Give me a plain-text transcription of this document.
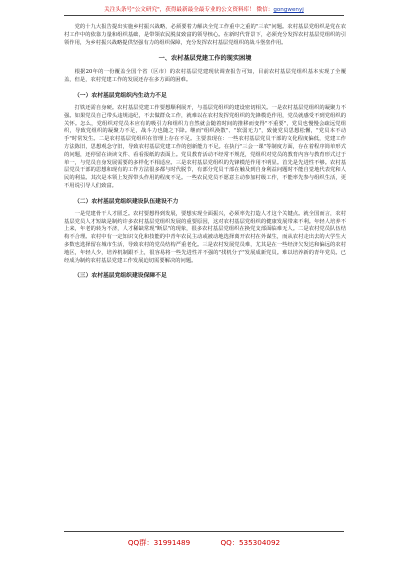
关注头条号"公文研究"，获得最新最全最专业的公文资料库！ 微信：gongwenyj

党的十九大报告提出实施乡村振兴战略，必须要着力解决全党工作重中之重的"三农"问题。农村基层党组织是党在农村工作中的依靠力量和组织基础，是带领农民脱贫致富的领导核心。在新时代背景下，必须充分发挥农村基层党组织的引领作用，为乡村振兴战略提供坚强有力的组织保障，充分发挥农村基层党组织的战斗堡垒作用。

一、农村基层党建工作的现实困境

根据20年的一份覆盖全国个省（区市）的农村基层党建现状调查报告可知，目前农村基层党组织基本实现了全覆盖，但是，农村党建工作的发展还存在多方面的困难。

（一）农村基层党组织内生动力不足

打铁还需自身硬。农村基层党建工作要想顺利展开，与基层党组织的建设密切相关。一是农村基层党组织的凝聚力不强。如果党员自己带头违规违纪，不去做群众工作，就难以在农村发挥党组织的先锋模范作用，党员就感受不到党组织的关怀。怎么，党组织对党员本应有的吸引力和组织力自然就会随着时间的推移而变得"不重要"，党员也慢慢会疏远党组织，导致党组织的凝聚力不足，战斗力也随之下降。继而"组织涣散"、"软弱无力"，致使党员思想松懈，"党员本不动手"时常发生。二是农村基层党组织在管理上存在不足。主要表现在：一些农村基层党员干部的文化程度偏低，党建工作方法陈旧，思想观念守旧，导致农村基层党建工作的创新能力不足。在执行"三会一课"等制度方面，存在着程序简单形式的问题，还停留在读读文件、看看报纸的表面上。党员教育活动不经常不规范，党组织对党员的教育内容与教育形式过于单一，与党员自身发展需要的多样化不相适应。三是农村基层党组织的先锋模范作用不明显。首先是先进性不够。农村基层党员干部的思想和现有的工作方法很多都与时代脱节，有部分党员干部在触及到自身利益问题时不能自觉地代表党和人民的利益。其次是本领上发挥带头作用的程度不足。一些农民党员不愿意主动参加村级工作，不能率先参与组织生活，更不用说引导人们致富。

（二）农村基层党组织建设队伍建设不力

一是党建骨干人才匮乏。农村要想得到发展，要想实现全面振兴，必须率先打造人才这个关键点。就全国而言，农村基层党员人才短缺是制约许多农村基层党组织发展的重要原因，这对农村基层党组织的健康发展带来不利。年轻人培养不上来，年老的转为不济，人才稀缺常现"断层"的现象，很多农村基层党组织在换党支部面临难无人。二是农村党员队伍结构不合理。农村中有一定知识文化和技能的中青年农民主动或被动地选择离开农村在外谋生，而从农村走出去的大学生大多数也选择留在城市生活，导致农村的党员结构严重老化。三是农村发展党员难，尤其是在一些经济欠发达和偏远的农村地区，年轻人少，培养机制跟不上，很容易将一些先进性并不强的"找机分子"发展成新党员。难以培养新的青年党员。已经成为制约农村基层党建工作发展迫切需要解决的问题。

（三）农村基层党组织建设保障不足
QQ群：31991489	QQ：535304092
